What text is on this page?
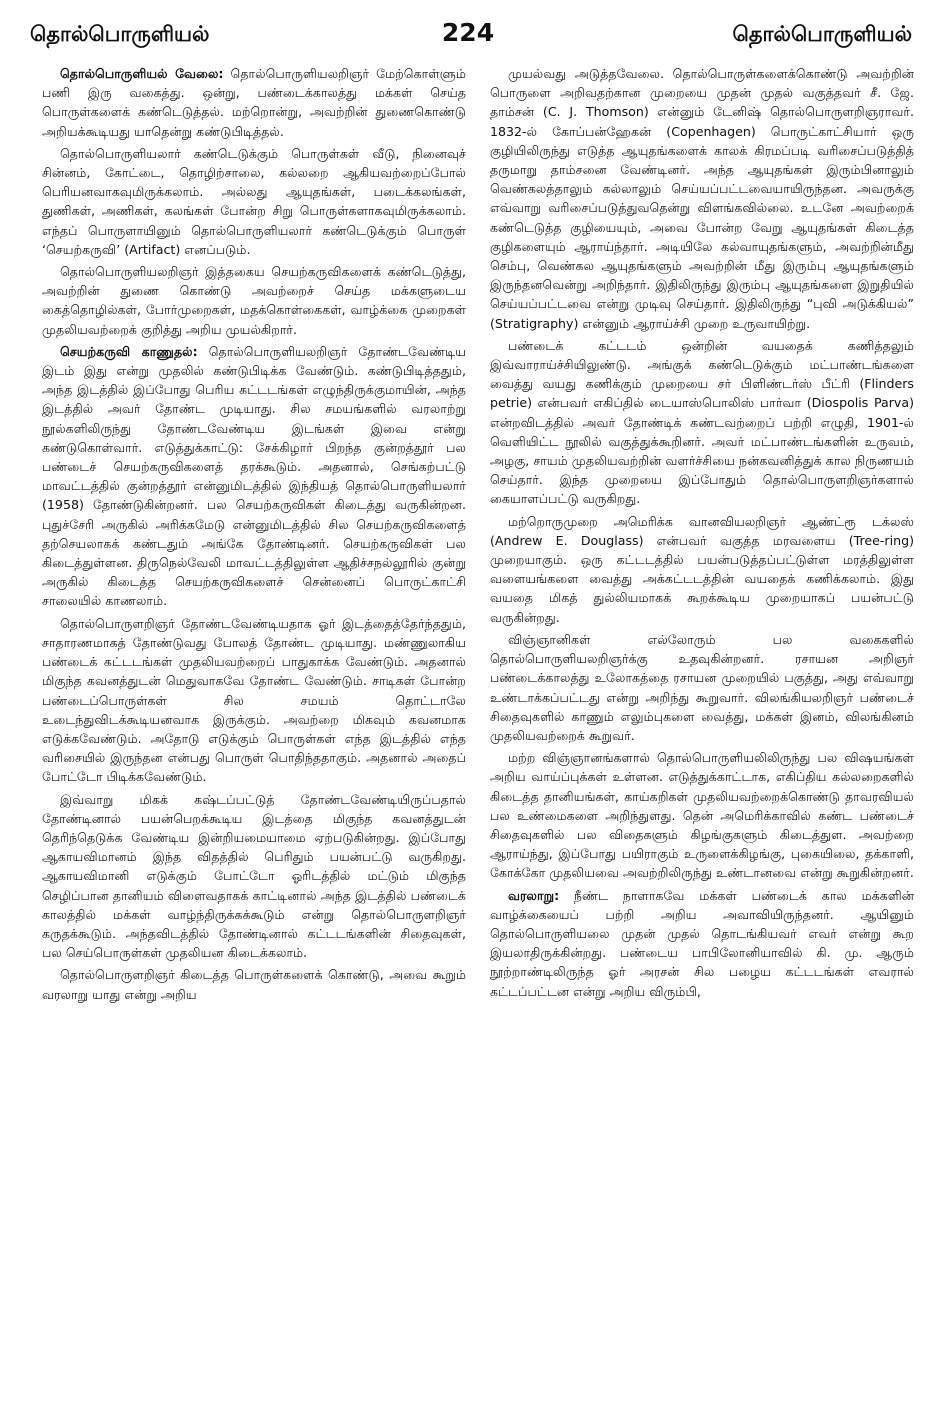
தொல்பொருளியல்	224	தொல்பொருளியல்

தொல்பொருளியல் வேலை: தொல்பொருளியலறிஞர் மேற்கொள்ளும் பணி இரு வகைத்து. ஒன்று, பண்டைக்காலத்து மக்கள் செய்த பொருள்களைக் கண்டெடுத்தல். மற்றொன்று, அவற்றின் துணைகொண்டு அறியக்கூடியது யாதென்று கண்டுபிடித்தல்.

தொல்பொருளியலார் கண்டெடுக்கும் பொருள்கள் வீடு, நினைவுச் சின்னம், கோட்டை, தொழிற்சாலை, கல்லறை ஆகியவற்றைப்போல் பெரியனவாகவுமிருக்கலாம். அல்லது ஆயுதங்கள், படைக்கலங்கள், துணிகள், அணிகள், கலங்கள் போன்ற சிறு பொருள்களாகவுமிருக்கலாம். எந்தப் பொருளாயினும் தொல்பொருளியலார் கண்டெடுக்கும் பொருள் ‘செயற்கருவி’ (Artifact) எனப்படும்.

தொல்பொருளியலறிஞர் இத்தகைய செயற்கருவிகளைக் கண்டெடுத்து, அவற்றின் துணை கொண்டு அவற்றைச் செய்த மக்களுடைய கைத்தொழில்கள், போர்முறைகள், மதக்கொள்கைகள், வாழ்க்கை முறைகள் முதலியவற்றைக் குறித்து அறிய முயல்கிறார்.

செயற்கருவி காணுதல்: தொல்பொருளியலறிஞர் தோண்டவேண்டிய இடம் இது என்று முதலில் கண்டுபிடிக்க வேண்டும். கண்டுபிடித்ததும், அந்த இடத்தில் இப்போது பெரிய கட்டடங்கள் எழுந்திருக்குமாயின், அந்த இடத்தில் அவர் தோண்ட முடியாது. சில சமயங்களில் வரலாற்று நூல்களிலிருந்து தோண்டவேண்டிய இடங்கள் இவை என்று கண்டுகொள்வார். எடுத்துக்காட்டு: சேக்கிழார் பிறந்த குன்றத்தூர் பல பண்டைச் செயற்கருவிகளைத் தரக்கூடும். அதனால், செங்கற்பட்டு மாவட்டத்தில் குன்றத்தூர் என்னுமிடத்தில் இந்தியத் தொல்பொருளியலார் (1958) தோண்டுகின்றனர். பல செயற்கருவிகள் கிடைத்து வருகின்றன. புதுச்சேரி அருகில் அரிக்கமேடு என்னுமிடத்தில் சில செயற்கருவிகளைத் தற்செயலாகக் கண்டதும் அங்கே தோண்டினர். செயற்கருவிகள் பல கிடைத்துள்ளன. திருநெல்வேலி மாவட்டத்திலுள்ள ஆதிச்சநல்லூரில் குன்று அருகில் கிடைத்த செயற்கருவிகளைச் சென்னைப் பொருட்காட்சி சாலையில் காணலாம்.

தொல்பொருளறிஞர் தோண்டவேண்டியதாக ஓர் இடத்தைத்தேர்ந்ததும், சாதாரணமாகத் தோண்டுவது போலத் தோண்ட முடியாது. மண்ணுலாகிய பண்டைக் கட்டடங்கள் முதலியவற்றைப் பாதுகாக்க வேண்டும். அதனால் மிகுந்த கவனத்துடன் மெதுவாகவே தோண்ட வேண்டும். சாடிகள் போன்ற பண்டைப்பொருள்கள் சில சமயம் தொட்டாலே உடைந்துவிடக்கூடியனவாக இருக்கும். அவற்றை மிகவும் கவனமாக எடுக்கவேண்டும். அதோடு எடுக்கும் பொருள்கள் எந்த இடத்தில் எந்த வரிசையில் இருந்தன என்பது பொருள் பொதிந்ததாகும். அதனால் அதைப் போட்டோ பிடிக்கவேண்டும்.

இவ்வாறு மிகக் கஷ்டப்பட்டுத் தோண்டவேண்டியிருப்பதால் தோண்டினால் பயன்பெறக்கூடிய இடத்தை மிகுந்த கவனத்துடன் தெரிந்தெடுக்க வேண்டிய இன்றியமையாமை ஏற்படுகின்றது. இப்போது ஆகாயவிமானம் இந்த விதத்தில் பெரிதும் பயன்பட்டு வருகிறது. ஆகாயவிமானி எடுக்கும் போட்டோ ஓரிடத்தில் மட்டும் மிகுந்த செழிப்பான தானியம் விளைவதாகக் காட்டினால் அந்த இடத்தில் பண்டைக் காலத்தில் மக்கள் வாழ்ந்திருக்கக்கூடும் என்று தொல்பொருளறிஞர் கருதக்கூடும். அந்தவிடத்தில் தோண்டினால் கட்டடங்களின் சிதைவுகள், பல செய்பொருள்கள் முதலியன கிடைக்கலாம்.

தொல்பொருளறிஞர் கிடைத்த பொருள்களைக் கொண்டு, அவை கூறும் வரலாறு யாது என்று அறிய

முயல்வது அடுத்தவேலை. தொல்பொருள்களைக்கொண்டு அவற்றின் பொருளை அறிவதற்கான முறையை முதன் முதல் வகுத்தவர் சீ. ஜே. தாம்சன் (C. J. Thomson) என்னும் டேனிஷ் தொல்பொருளறிஞராவர். 1832-ல் கோப்பன்ஹேகன் (Copenhagen) பொருட்காட்சியார் ஒரு குழியிலிருந்து எடுத்த ஆயுதங்களைக் காலக் கிரமப்படி வரிசைப்படுத்தித் தருமாறு தாம்சனை வேண்டினர். அந்த ஆயுதங்கள் இரும்பினாலும் வெண்கலத்தாலும் கல்லாலும் செய்யப்பட்டவையாயிருந்தன. அவருக்கு எவ்வாறு வரிசைப்படுத்துவதென்று விளங்கவில்லை. உடனே அவற்றைக் கண்டெடுத்த குழியையும், அவை போன்ற வேறு ஆயுதங்கள் கிடைத்த குழிகளையும் ஆராய்ந்தார். அடியிலே கல்வாயுதங்களும், அவற்றின்மீது செம்பு, வெண்கல ஆயுதங்களும் அவற்றின் மீது இரும்பு ஆயுதங்களும் இருந்தனவென்று அறிந்தார். இதிலிருந்து இரும்பு ஆயுதங்களை இறுதியில் செய்யப்பட்டவை என்று முடிவு செய்தார். இதிலிருந்து “புவி அடுக்கியல்” (Stratigraphy) என்னும் ஆராய்ச்சி முறை உருவாயிற்று.

பண்டைக் கட்டடம் ஒன்றின் வயதைக் கணித்தலும் இவ்வாராய்ச்சியிலுண்டு. அங்குக் கண்டெடுக்கும் மட்பாண்டங்களை வைத்து வயது கணிக்கும் முறையை சர் பிளிண்டர்ஸ் பீட்ரி (Flinders petrie) என்பவர் எகிப்தில் டையாஸ்பொலிஸ் பார்வா (Diospolis Parva) என்றவிடத்தில் அவர் தோண்டிக் கண்டவற்றைப் பற்றி எழுதி, 1901-ல் வெளியிட்ட நூலில் வகுத்துக்கூறினர். அவர் மட்பாண்டங்களின் உருவம், அழகு, சாயம் முதலியவற்றின் வளர்ச்சியை நன்கவனித்துக் கால நிருணயம் செய்தார். இந்த முறையை இப்போதும் தொல்பொருளறிஞர்களால் கையாளப்பட்டு வருகிறது.

மற்றொருமுறை அமெரிக்க வானவியலறிஞர் ஆண்ட்ரூ டக்லஸ் (Andrew E. Douglass) என்பவர் வகுத்த மரவளைய (Tree-ring) முறையாகும். ஒரு கட்டடத்தில் பயன்படுத்தப்பட்டுள்ள மரத்திலுள்ள வளையங்களை வைத்து அக்கட்டடத்தின் வயதைக் கணிக்கலாம். இது வயதை மிகத் துல்லியமாகக் கூறக்கூடிய முறையாகப் பயன்பட்டு வருகின்றது.

விஞ்ஞானிகள் எல்லோரும் பல வகைகளில் தொல்பொருளியலறிஞர்க்கு உதவுகின்றனர். ரசாயன அறிஞர் பண்டைக்காலத்து உலோகத்தை ரசாயன முறையில் பகுத்து, அது எவ்வாறு உண்டாக்கப்பட்டது என்று அறிந்து கூறுவார். விலங்கியலறிஞர் பண்டைச் சிதைவுகளில் காணும் எலும்புகளை வைத்து, மக்கள் இனம், விலங்கினம் முதலியவற்றைக் கூறுவர்.

மற்ற விஞ்ஞானங்களால் தொல்பொருளியலிலிருந்து பல விஷயங்கள் அறிய வாய்ப்புக்கள் உள்ளன. எடுத்துக்காட்டாக, எகிப்திய கல்லறைகளில் கிடைத்த தானியங்கள், காய்கறிகள் முதலியவற்றைக்கொண்டு தாவரவியல் பல உண்மைகளை அறிந்துளது. தென் அமெரிக்காவில் கண்ட பண்டைச் சிதைவுகளில் பல விதைகளும் கிழங்குகளும் கிடைத்துள. அவற்றை ஆராய்ந்து, இப்போது பயிராகும் உருளைக்கிழங்கு, புகையிலை, தக்காளி, கோக்கோ முதலியவை அவற்றிலிருந்து உண்டானவை என்று கூறுகின்றனர்.

வரலாறு: நீண்ட நாளாகவே மக்கள் பண்டைக் கால மக்களின் வாழ்க்கையைப் பற்றி அறிய அவாவியிருந்தனர். ஆயினும் தொல்பொருளியலை முதன் முதல் தொடங்கியவர் எவர் என்று கூற இயலாதிருக்கின்றது. பண்டைய பாபிலோனியாவில் கி. மு. ஆரும் நூற்றாண்டிலிருந்த ஓர் அரசன் சில பழைய கட்டடங்கள் எவரால் கட்டப்பட்டன என்று அறிய விரும்பி,
